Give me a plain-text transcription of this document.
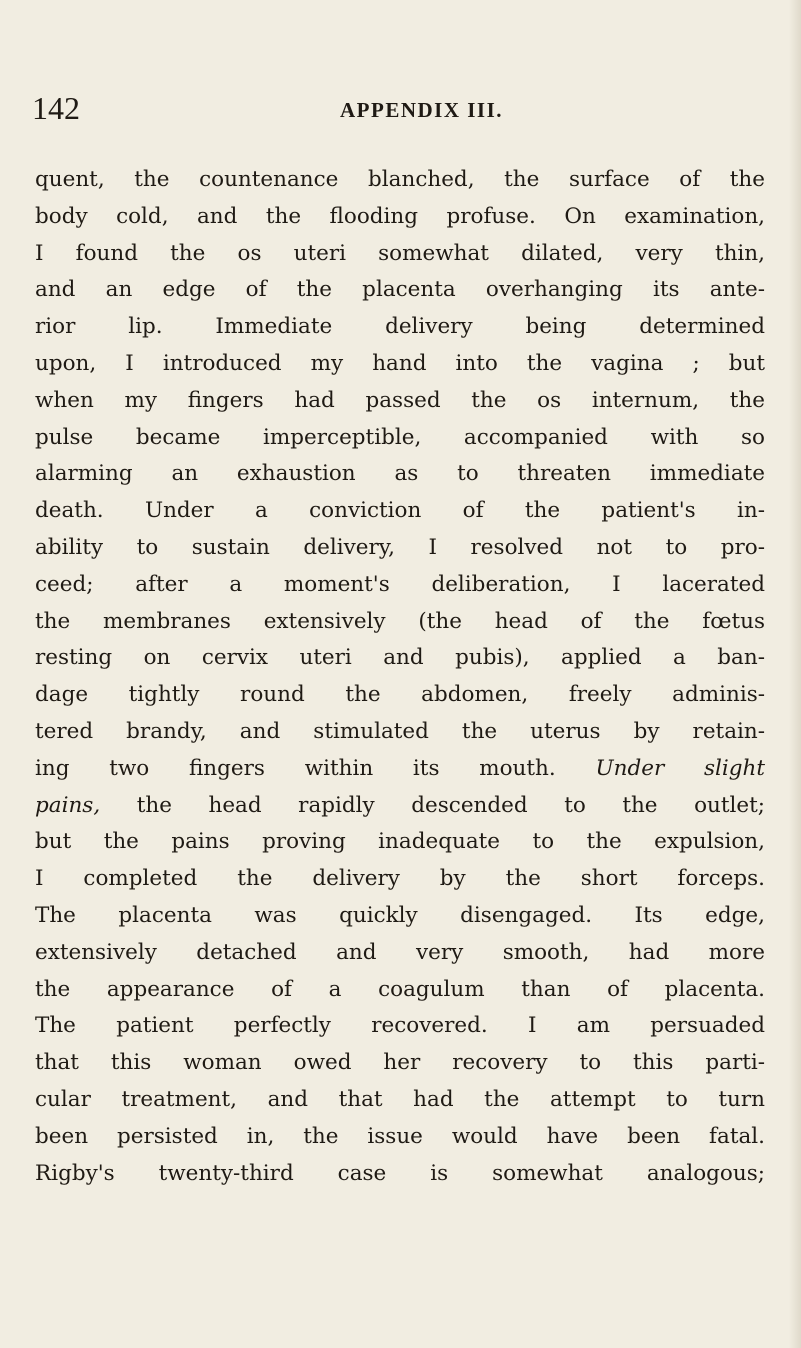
142	APPENDIX III.
quent, the countenance blanched, the surface of the
body cold, and the flooding profuse. On examination,
I found the os uteri somewhat dilated, very thin,
and an edge of the placenta overhanging its ante-
rior lip. Immediate delivery being determined
upon, I introduced my hand into the vagina ; but
when my fingers had passed the os internum, the
pulse became imperceptible, accompanied with so
alarming an exhaustion as to threaten immediate
death. Under a conviction of the patient's in-
ability to sustain delivery, I resolved not to pro-
ceed; after a moment's deliberation, I lacerated
the membranes extensively (the head of the fœtus
resting on cervix uteri and pubis), applied a ban-
dage tightly round the abdomen, freely adminis-
tered brandy, and stimulated the uterus by retain-
ing two fingers within its mouth. Under slight
pains, the head rapidly descended to the outlet;
but the pains proving inadequate to the expulsion,
I completed the delivery by the short forceps.
The placenta was quickly disengaged. Its edge,
extensively detached and very smooth, had more
the appearance of a coagulum than of placenta.
The patient perfectly recovered. I am persuaded
that this woman owed her recovery to this parti-
cular treatment, and that had the attempt to turn
been persisted in, the issue would have been fatal.
Rigby's twenty-third case is somewhat analogous;
